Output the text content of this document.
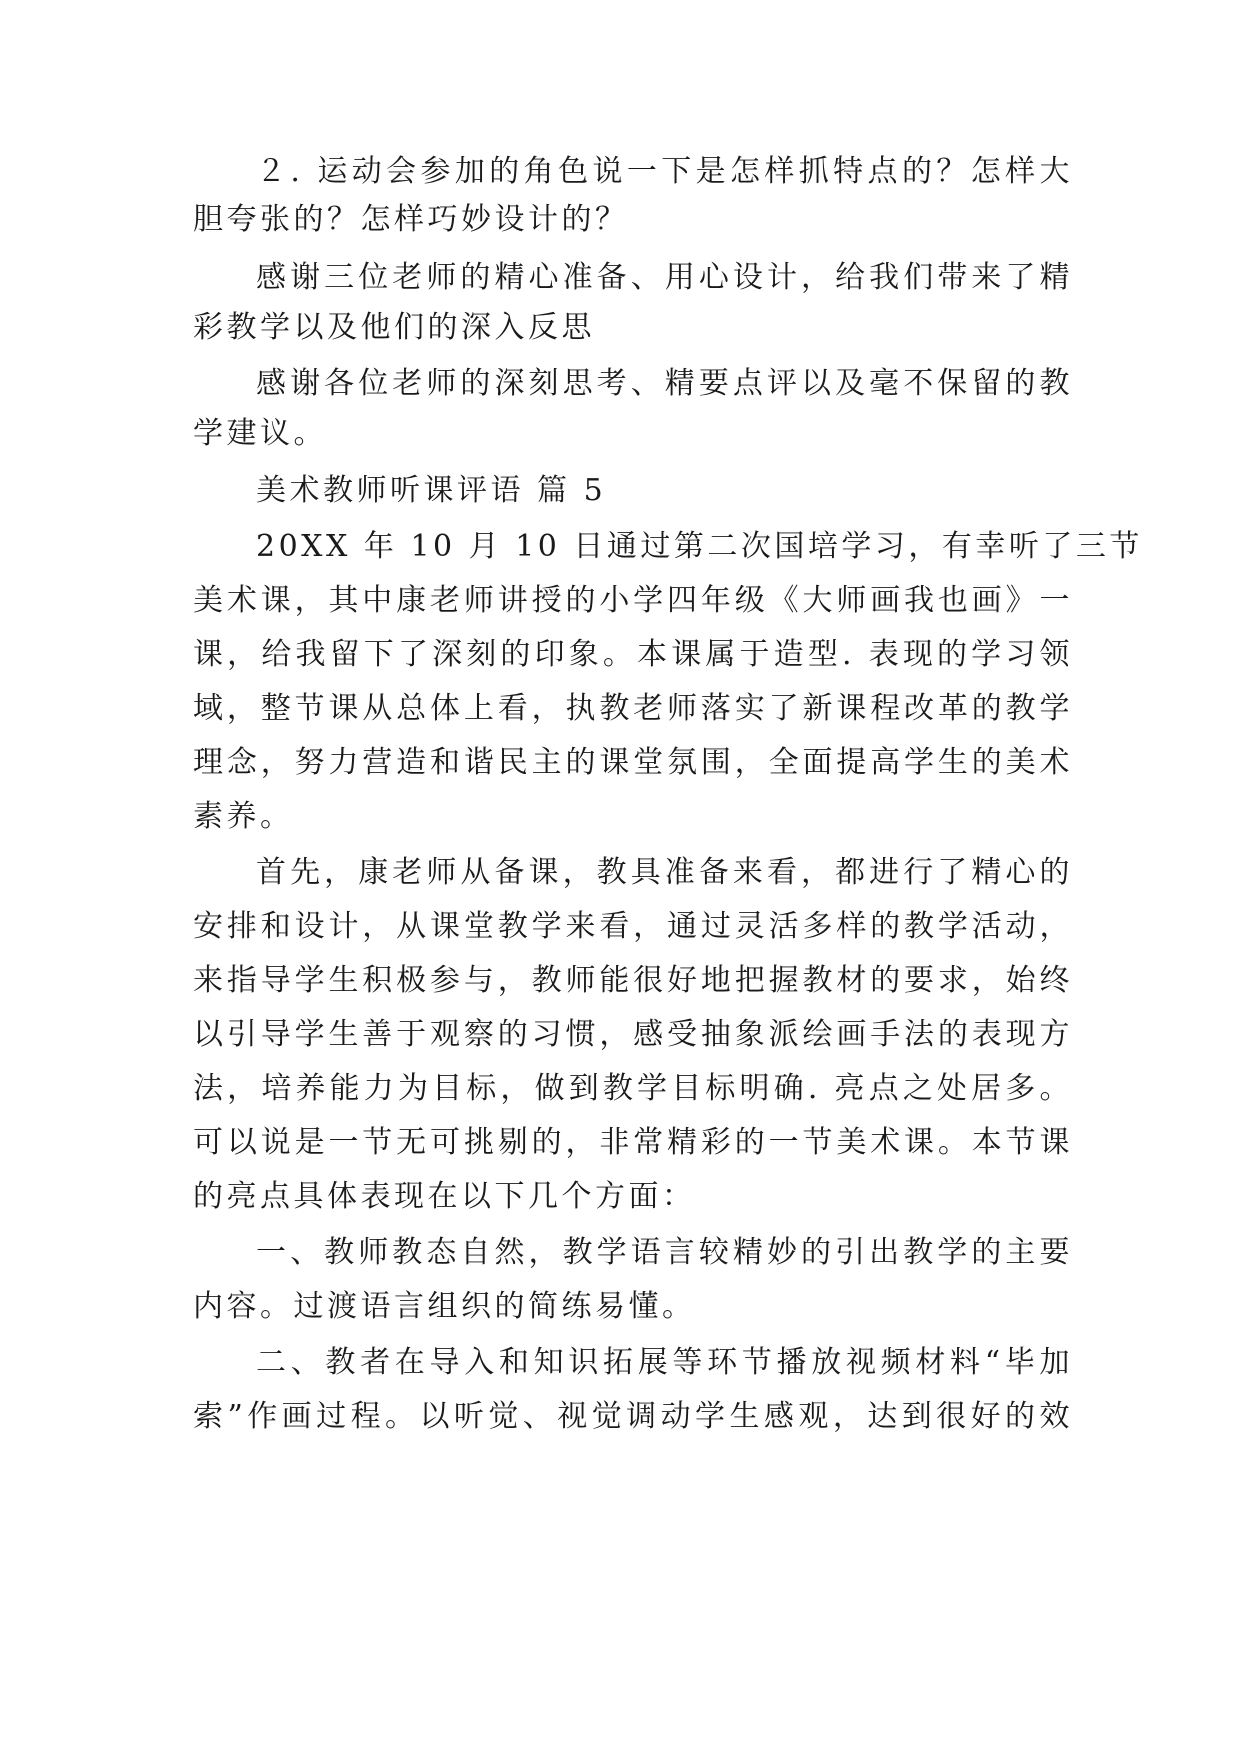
２. 运动会参加的角色说一下是怎样抓特点的？怎样大
胆夸张的？怎样巧妙设计的？
感谢三位老师的精心准备、用心设计，给我们带来了精
彩教学以及他们的深入反思
感谢各位老师的深刻思考、精要点评以及毫不保留的教
学建议。
美术教师听课评语 篇 5
20XX 年 10 月 10 日通过第二次国培学习，有幸听了三节
美术课，其中康老师讲授的小学四年级《大师画我也画》一
课，给我留下了深刻的印象。本课属于造型. 表现的学习领
域，整节课从总体上看，执教老师落实了新课程改革的教学
理念，努力营造和谐民主的课堂氛围，全面提高学生的美术
素养。
首先，康老师从备课，教具准备来看，都进行了精心的
安排和设计，从课堂教学来看，通过灵活多样的教学活动，
来指导学生积极参与，教师能很好地把握教材的要求，始终
以引导学生善于观察的习惯，感受抽象派绘画手法的表现方
法，培养能力为目标，做到教学目标明确. 亮点之处居多。
可以说是一节无可挑剔的，非常精彩的一节美术课。本节课
的亮点具体表现在以下几个方面：
一、教师教态自然，教学语言较精妙的引出教学的主要
内容。过渡语言组织的简练易懂。
二、教者在导入和知识拓展等环节播放视频材料“毕加
索”作画过程。以听觉、视觉调动学生感观，达到很好的效
